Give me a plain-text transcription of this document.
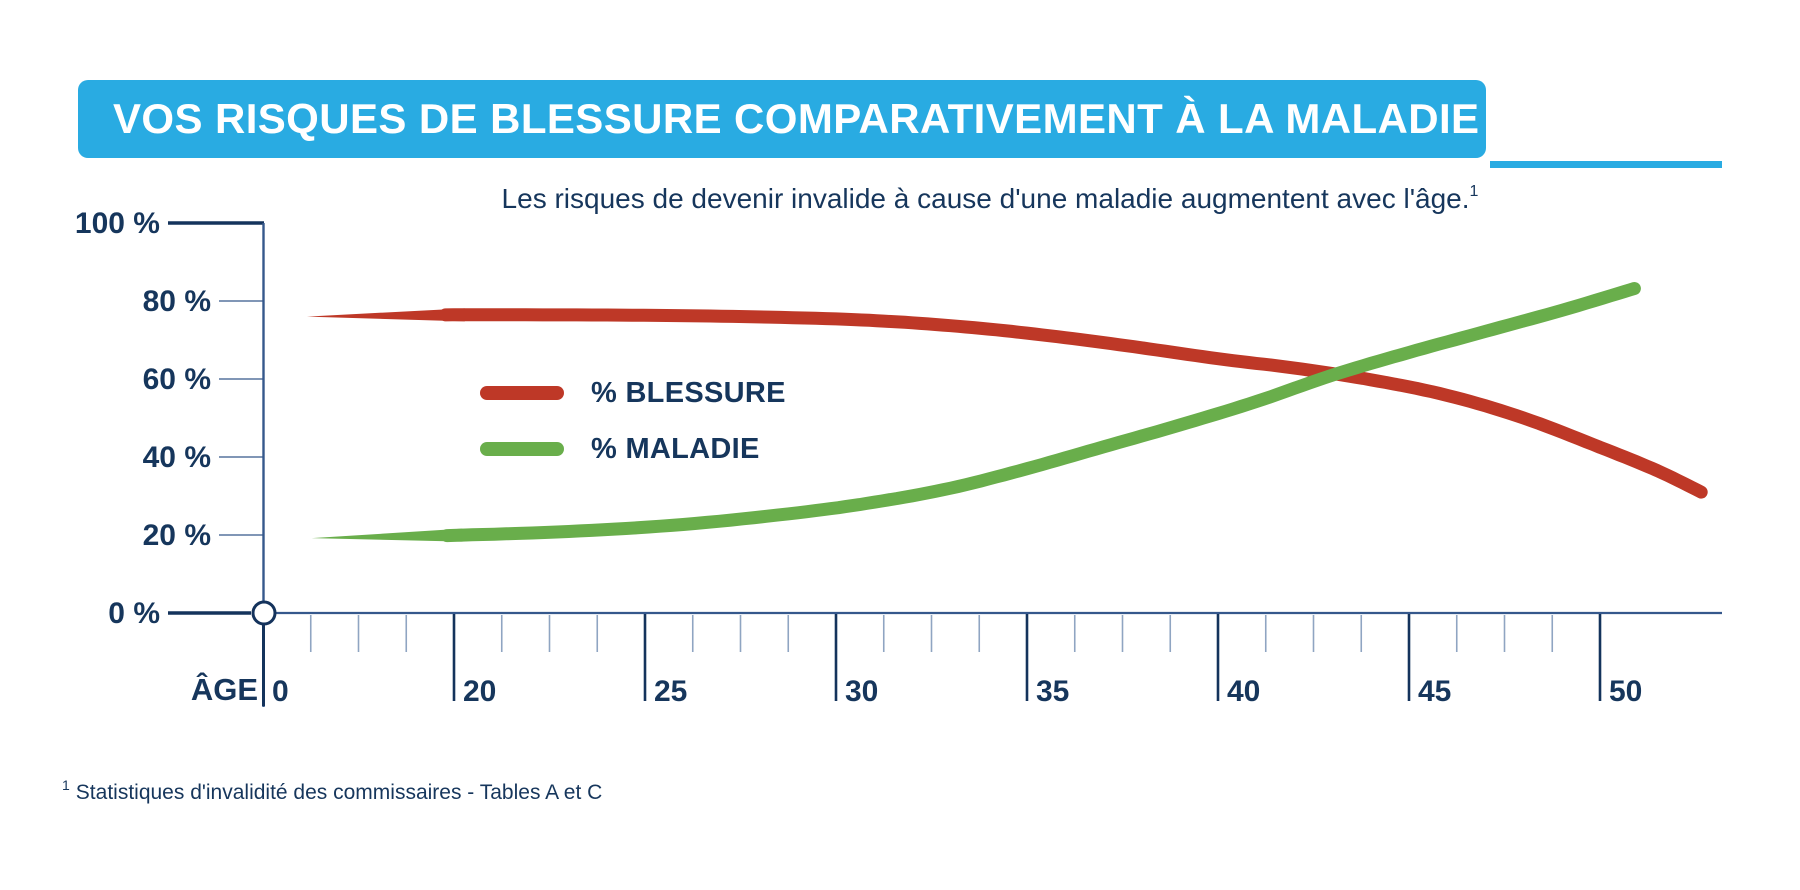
VOS RISQUES DE BLESSURE COMPARATIVEMENT À LA MALADIE
Les risques de devenir invalide à cause d'une maladie augmentent avec l'âge.$^1$
100 %
80 %
60 %
40 %
20 %
0 %
0	20	25	30	35	40	45	50
% BLESSURE
% MALADIE
ÂGE
$^1$ Statistiques d'invalidité des commissaires - Tables A et C
